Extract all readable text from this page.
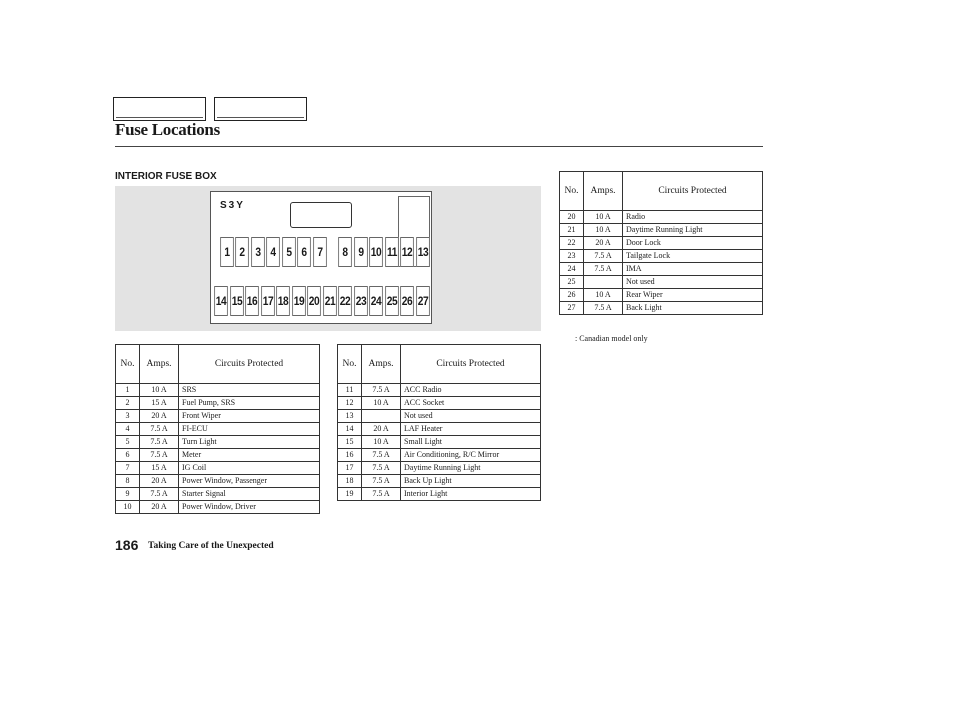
Fuse Locations
INTERIOR FUSE BOX
S3Y
1 2 3 4 5 6 7	8 9 10 11 12 13
14 15 16 17 18 19 20 21 22 23 24 25 26 27
No.	Amps.	Circuits Protected
1	10 A	SRS
2	15 A	Fuel Pump, SRS
3	20 A	Front Wiper
4	7.5 A	FI-ECU
5	7.5 A	Turn Light
6	7.5 A	Meter
7	15 A	IG Coil
8	20 A	Power Window, Passenger
9	7.5 A	Starter Signal
10	20 A	Power Window, Driver
No.	Amps.	Circuits Protected
11	7.5 A	ACC Radio
12	10 A	ACC Socket
13		Not used
14	20 A	LAF Heater
15	10 A	Small Light
16	7.5 A	Air Conditioning, R/C Mirror
17	7.5 A	Daytime Running Light
18	7.5 A	Back Up Light
19	7.5 A	Interior Light
No.	Amps.	Circuits Protected
20	10 A	Radio
21	10 A	Daytime Running Light
22	20 A	Door Lock
23	7.5 A	Tailgate Lock
24	7.5 A	IMA
25		Not used
26	10 A	Rear Wiper
27	7.5 A	Back Light
: Canadian model only
186 Taking Care of the Unexpected
